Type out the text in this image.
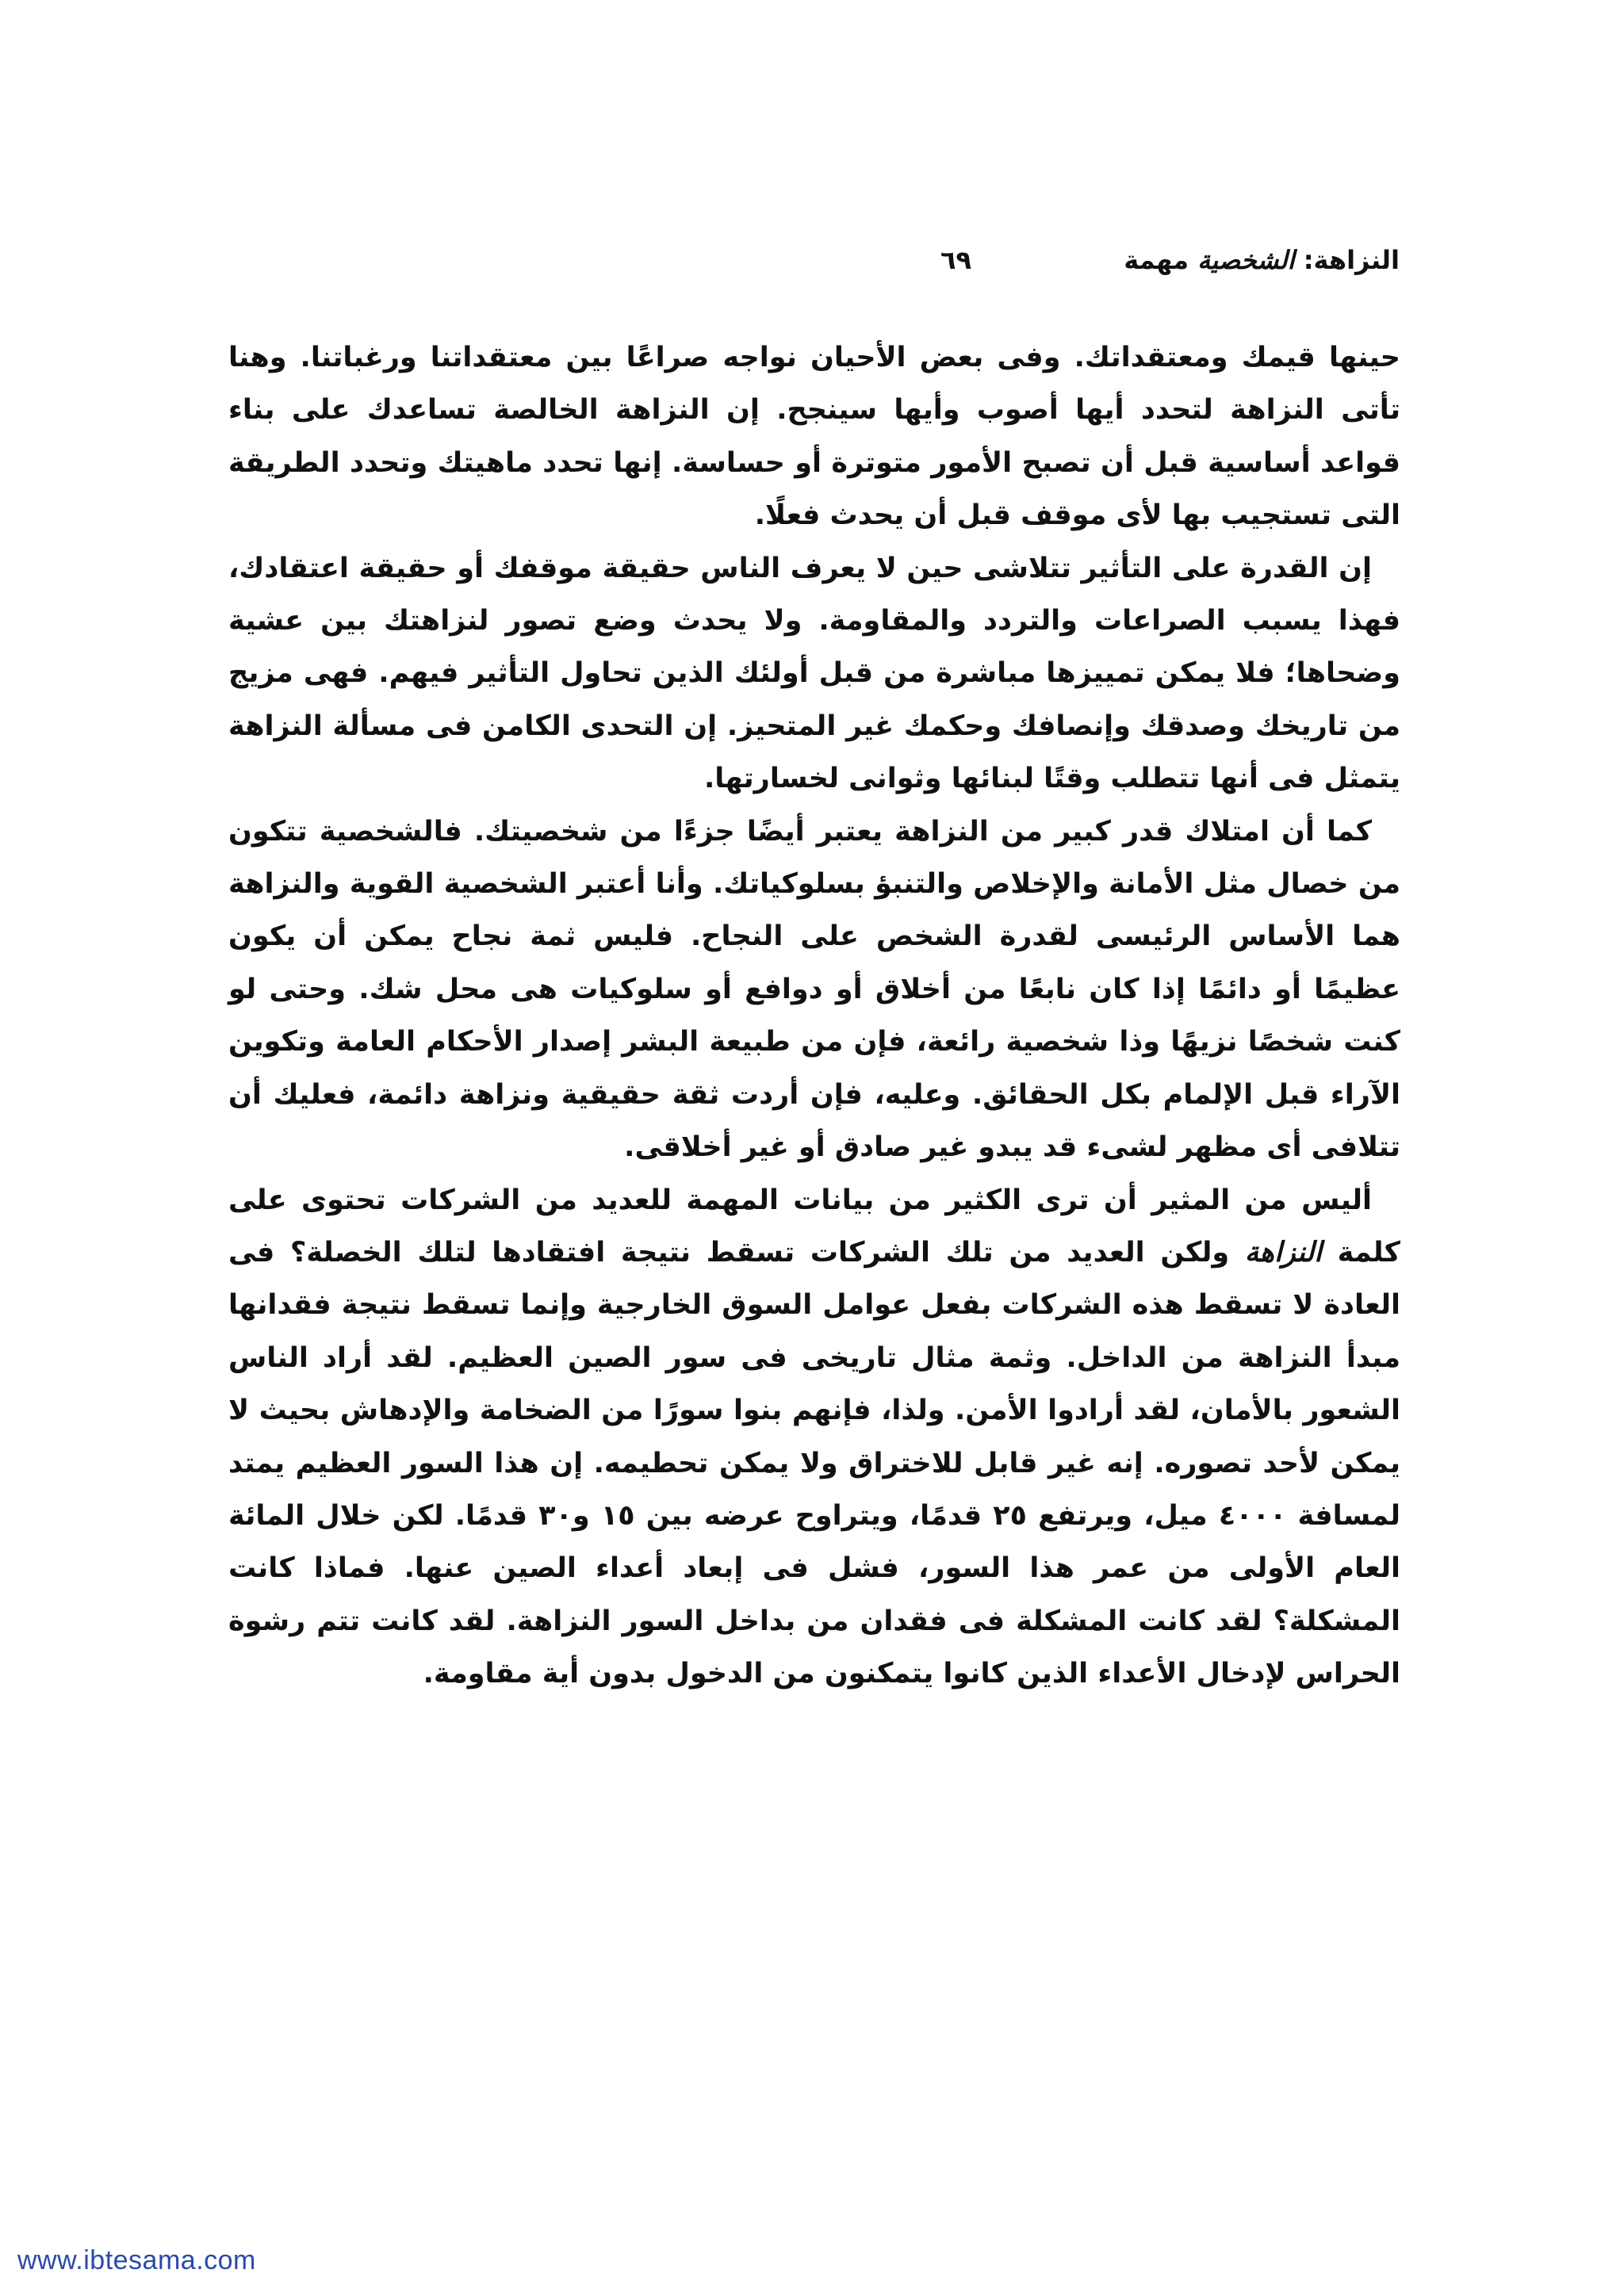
النزاهة: الشخصية مهمة
٦٩

حينها قيمك ومعتقداتك. وفى بعض الأحيان نواجه صراعًا بين معتقداتنا ورغباتنا. وهنا تأتى النزاهة لتحدد أيها أصوب وأيها سينجح. إن النزاهة الخالصة تساعدك على بناء قواعد أساسية قبل أن تصبح الأمور متوترة أو حساسة. إنها تحدد ماهيتك وتحدد الطريقة التى تستجيب بها لأى موقف قبل أن يحدث فعلًا.

إن القدرة على التأثير تتلاشى حين لا يعرف الناس حقيقة موقفك أو حقيقة اعتقادك، فهذا يسبب الصراعات والتردد والمقاومة. ولا يحدث وضع تصور لنزاهتك بين عشية وضحاها؛ فلا يمكن تمييزها مباشرة من قبل أولئك الذين تحاول التأثير فيهم. فهى مزيج من تاريخك وصدقك وإنصافك وحكمك غير المتحيز. إن التحدى الكامن فى مسألة النزاهة يتمثل فى أنها تتطلب وقتًا لبنائها وثوانى لخسارتها.

كما أن امتلاك قدر كبير من النزاهة يعتبر أيضًا جزءًا من شخصيتك. فالشخصية تتكون من خصال مثل الأمانة والإخلاص والتنبؤ بسلوكياتك. وأنا أعتبر الشخصية القوية والنزاهة هما الأساس الرئيسى لقدرة الشخص على النجاح. فليس ثمة نجاح يمكن أن يكون عظيمًا أو دائمًا إذا كان نابعًا من أخلاق أو دوافع أو سلوكيات هى محل شك. وحتى لو كنت شخصًا نزيهًا وذا شخصية رائعة، فإن من طبيعة البشر إصدار الأحكام العامة وتكوين الآراء قبل الإلمام بكل الحقائق. وعليه، فإن أردت ثقة حقيقية ونزاهة دائمة، فعليك أن تتلافى أى مظهر لشىء قد يبدو غير صادق أو غير أخلاقى.

أليس من المثير أن ترى الكثير من بيانات المهمة للعديد من الشركات تحتوى على كلمة النزاهة ولكن العديد من تلك الشركات تسقط نتيجة افتقادها لتلك الخصلة؟ فى العادة لا تسقط هذه الشركات بفعل عوامل السوق الخارجية وإنما تسقط نتيجة فقدانها مبدأ النزاهة من الداخل. وثمة مثال تاريخى فى سور الصين العظيم. لقد أراد الناس الشعور بالأمان، لقد أرادوا الأمن. ولذا، فإنهم بنوا سورًا من الضخامة والإدهاش بحيث لا يمكن لأحد تصوره. إنه غير قابل للاختراق ولا يمكن تحطيمه. إن هذا السور العظيم يمتد لمسافة ٤٠٠٠ ميل، ويرتفع ٢٥ قدمًا، ويتراوح عرضه بين ١٥ و٣٠ قدمًا. لكن خلال المائة العام الأولى من عمر هذا السور، فشل فى إبعاد أعداء الصين عنها. فماذا كانت المشكلة؟ لقد كانت المشكلة فى فقدان من بداخل السور النزاهة. لقد كانت تتم رشوة الحراس لإدخال الأعداء الذين كانوا يتمكنون من الدخول بدون أية مقاومة.

www.ibtesama.com
